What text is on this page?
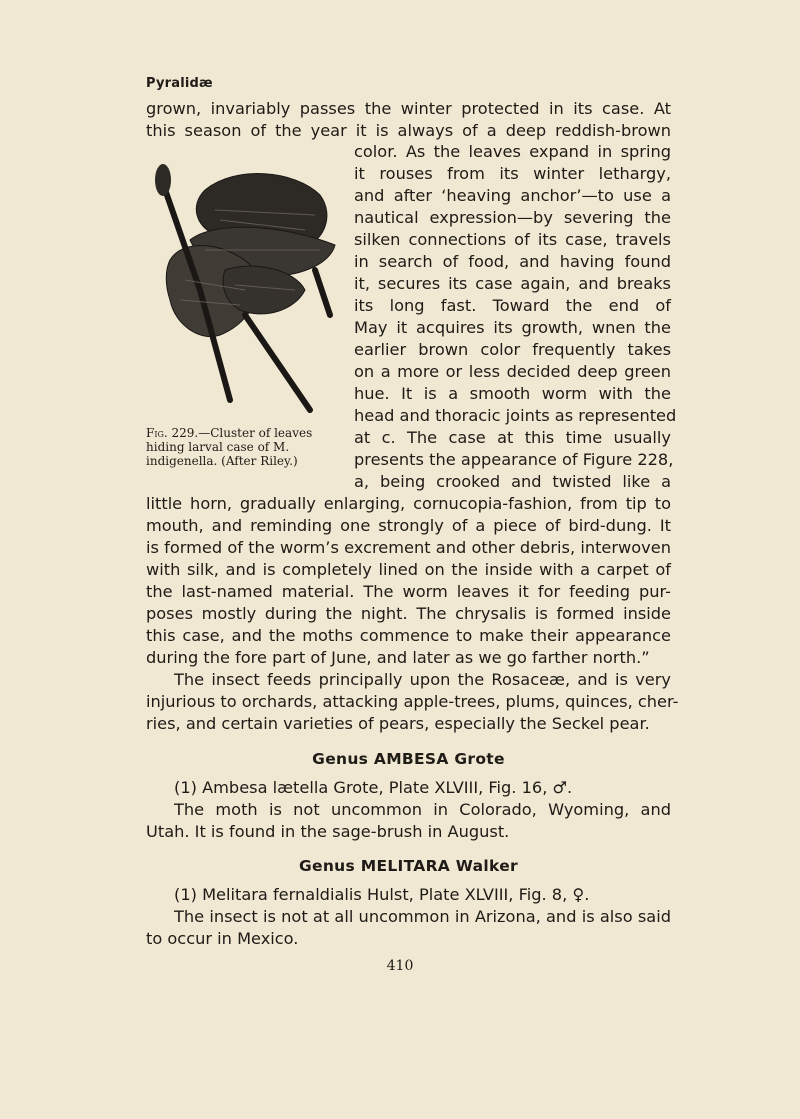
Pyralidæ
grown, invariably passes the winter protected in its case. At
this season of the year it is always of a deep reddish-brown
Fig. 229.—Cluster of leaves hiding larval case of M. indigenella. (After Riley.)
color. As the leaves expand in spring
it rouses from its winter lethargy,
and after ‘heaving anchor’—to use a
nautical expression—by severing the
silken connections of its case, travels
in search of food, and having found
it, secures its case again, and breaks
its long fast. Toward the end of
May it acquires its growth, wnen the
earlier brown color frequently takes
on a more or less decided deep green
hue. It is a smooth worm with the
head and thoracic joints as represented
at c. The case at this time usually
presents the appearance of Figure 228,
a, being crooked and twisted like a
little horn, gradually enlarging, cornucopia-fashion, from tip to
mouth, and reminding one strongly of a piece of bird-dung. It
is formed of the worm’s excrement and other debris, interwoven
with silk, and is completely lined on the inside with a carpet of
the last-named material. The worm leaves it for feeding pur-
poses mostly during the night. The chrysalis is formed inside
this case, and the moths commence to make their appearance
during the fore part of June, and later as we go farther north.”
The insect feeds principally upon the Rosaceæ, and is very
injurious to orchards, attacking apple-trees, plums, quinces, cher-
ries, and certain varieties of pears, especially the Seckel pear.
Genus AMBESA Grote
(1) Ambesa lætella Grote, Plate XLVIII, Fig. 16, ♂.
The moth is not uncommon in Colorado, Wyoming, and
Utah. It is found in the sage-brush in August.
Genus MELITARA Walker
(1) Melitara fernaldialis Hulst, Plate XLVIII, Fig. 8, ♀.
The insect is not at all uncommon in Arizona, and is also said
to occur in Mexico.
410
